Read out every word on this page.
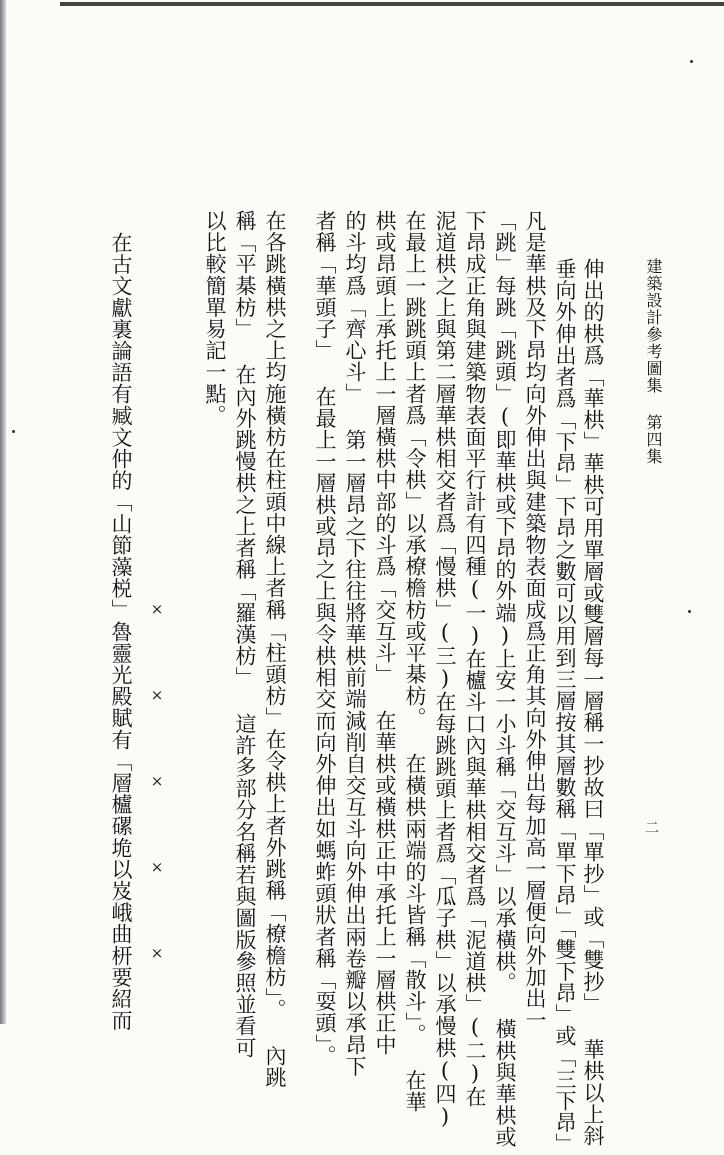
建築設計參考圖集 第四集
二
伸出的栱爲「華栱」華栱可用單層或雙層每一層稱一抄故曰「單抄」或「雙抄」 華栱以上斜
垂向外伸出者爲「下昂」下昂之數可以用到三層按其層數稱「單下昂」「雙下昂」或「三下昂」
凡是華栱及下昂均向外伸出與建築物表面成爲正角其向外伸出每加高一層便向外加出一
「跳」每跳「跳頭」(即華栱或下昂的外端)上安一小斗稱「交互斗」以承橫栱。 橫栱與華栱或
下昂成正角與建築物表面平行計有四種(一)在櫨斗口內與華栱相交者爲「泥道栱」(二)在
泥道栱之上與第二層華栱相交者爲「慢栱」(三)在每跳跳頭上者爲「瓜子栱」以承慢栱(四)
在最上一跳跳頭上者爲「令栱」以承橑檐枋或平棊枋。 在橫栱兩端的斗皆稱「散斗」。 在華
栱或昂頭上承托上一層橫栱中部的斗爲「交互斗」 在華栱或橫栱正中承托上一層栱正中
的斗均爲「齊心斗」 第一層昂之下往往將華栱前端減削自交互斗向外伸出兩卷瓣以承昂下
者稱「華頭子」 在最上一層栱或昂之上與令栱相交而向外伸出如螞蚱頭狀者稱「耍頭」。
在各跳橫栱之上均施橫枋在柱頭中線上者稱「柱頭枋」在令栱上者外跳稱「橑檐枋」。 內跳
稱「平棊枋」 在內外跳慢栱之上者稱「羅漢枋」 這許多部分名稱若與圖版參照並看可
以比較簡單易記一點。
×××××
在古文獻裏論語有臧文仲的「山節藻棁」魯靈光殿賦有「層櫨磥垝以岌峨曲枅要紹而
